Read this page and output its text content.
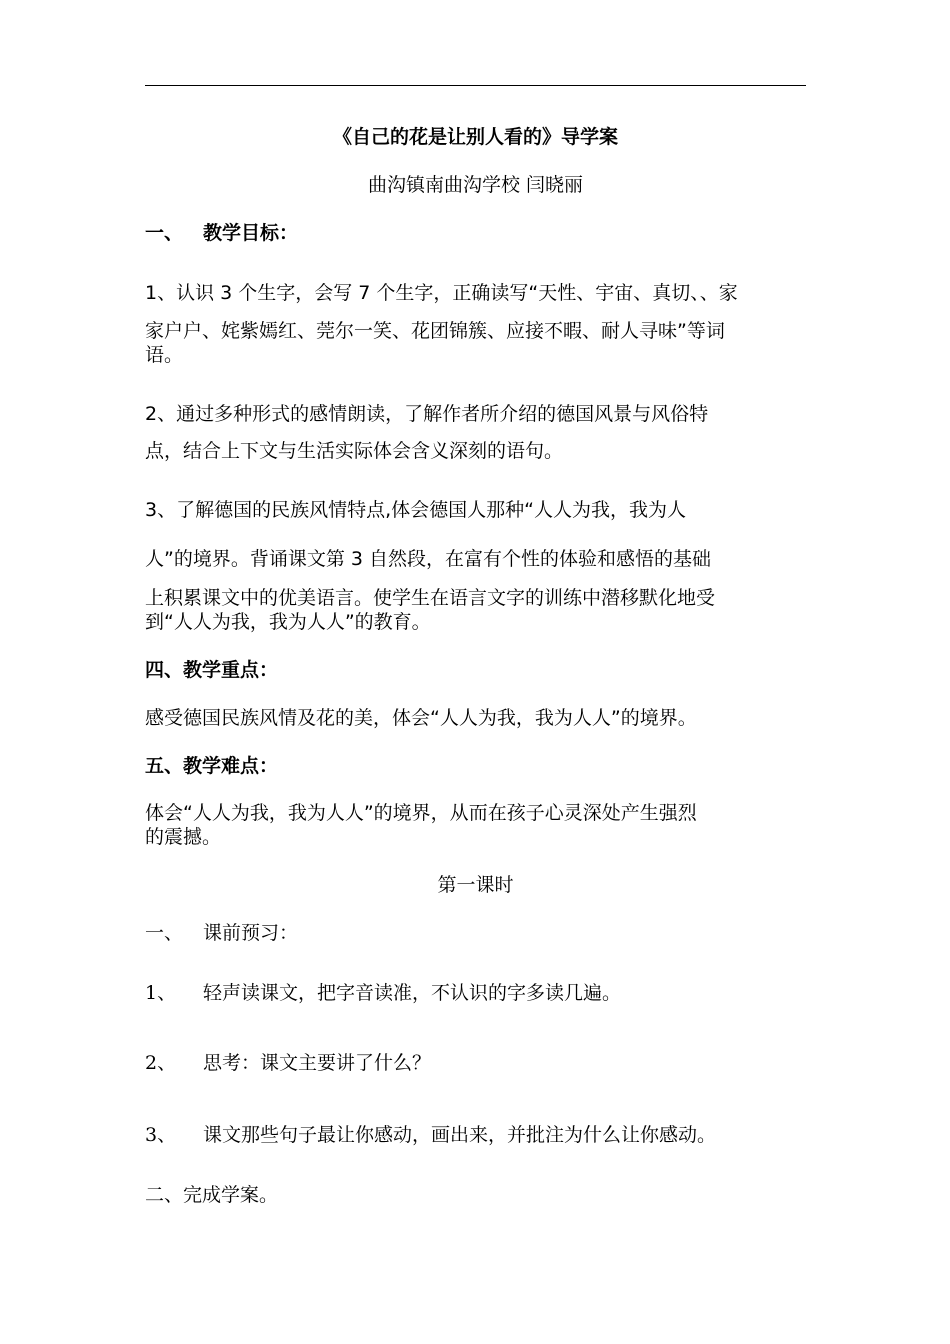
《自己的花是让别人看的》导学案
曲沟镇南曲沟学校 闫晓丽
一、 教学目标：
1、认识 3 个生字，会写 7 个生字，正确读写“天性、宇宙、真切、、家
家户户、姹紫嫣红、莞尔一笑、花团锦簇、应接不暇、耐人寻味”等词
语。
2、通过多种形式的感情朗读，了解作者所介绍的德国风景与风俗特
点，结合上下文与生活实际体会含义深刻的语句。
3、了解德国的民族风情特点,体会德国人那种“人人为我，我为人
人”的境界。背诵课文第 3 自然段，在富有个性的体验和感悟的基础
上积累课文中的优美语言。使学生在语言文字的训练中潜移默化地受
到“人人为我，我为人人”的教育。
四、教学重点：
感受德国民族风情及花的美，体会“人人为我，我为人人”的境界。
五、教学难点：
体会“人人为我，我为人人”的境界，从而在孩子心灵深处产生强烈
的震撼。
第一课时
一、 课前预习：
1、 轻声读课文，把字音读准，不认识的字多读几遍。
2、 思考：课文主要讲了什么？
3、 课文那些句子最让你感动，画出来，并批注为什么让你感动。
二、完成学案。
